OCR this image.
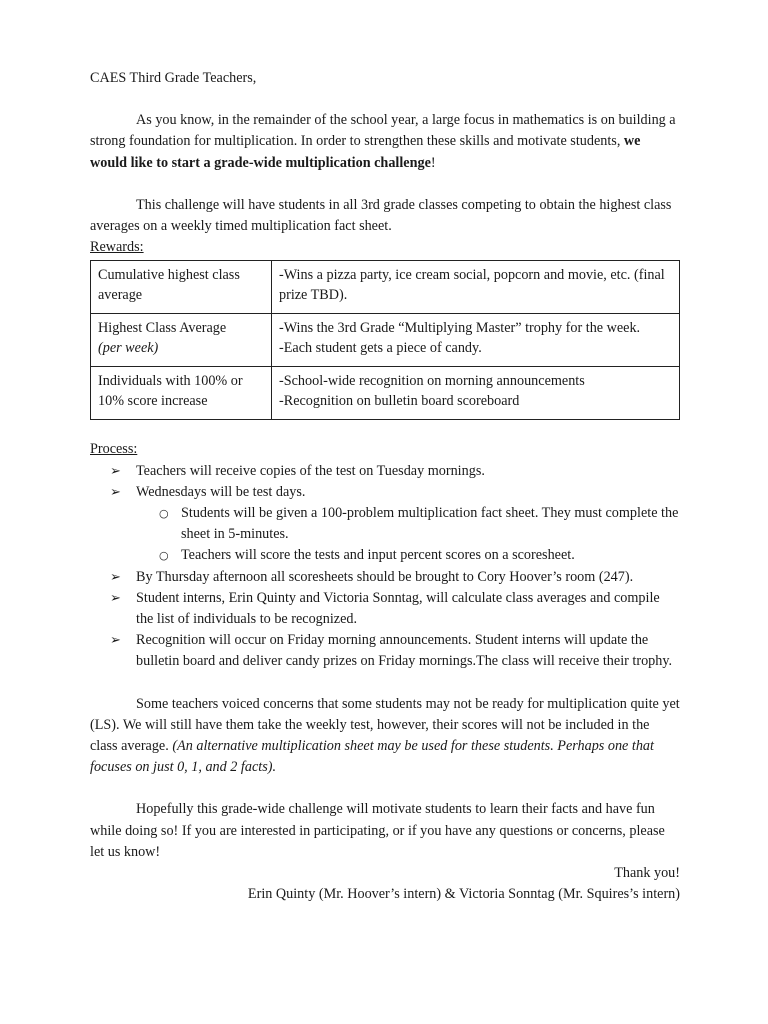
CAES Third Grade Teachers,

As you know, in the remainder of the school year, a large focus in mathematics is on building a strong foundation for multiplication. In order to strengthen these skills and motivate students, we would like to start a grade-wide multiplication challenge!

This challenge will have students in all 3rd grade classes competing to obtain the highest class averages on a weekly timed multiplication fact sheet.

Rewards:

Cumulative highest class average	-Wins a pizza party, ice cream social, popcorn and movie, etc. (final prize TBD).

Highest Class Average
(per week)	-Wins the 3rd Grade “Multiplying Master” trophy for the week.
-Each student gets a piece of candy.

Individuals with 100% or 10% score increase	-School-wide recognition on morning announcements
-Recognition on bulletin board scoreboard

Process:

➢ Teachers will receive copies of the test on Tuesday mornings.
➢ Wednesdays will be test days.
○ Students will be given a 100-problem multiplication fact sheet. They must complete the sheet in 5-minutes.
○ Teachers will score the tests and input percent scores on a scoresheet.
➢ By Thursday afternoon all scoresheets should be brought to Cory Hoover’s room (247).
➢ Student interns, Erin Quinty and Victoria Sonntag, will calculate class averages and compile the list of individuals to be recognized.
➢ Recognition will occur on Friday morning announcements. Student interns will update the bulletin board and deliver candy prizes on Friday mornings.The class will receive their trophy.

Some teachers voiced concerns that some students may not be ready for multiplication quite yet (LS). We will still have them take the weekly test, however, their scores will not be included in the class average. (An alternative multiplication sheet may be used for these students. Perhaps one that focuses on just 0, 1, and 2 facts).

Hopefully this grade-wide challenge will motivate students to learn their facts and have fun while doing so! If you are interested in participating, or if you have any questions or concerns, please let us know!

Thank you!

Erin Quinty (Mr. Hoover’s intern) & Victoria Sonntag (Mr. Squires’s intern)
